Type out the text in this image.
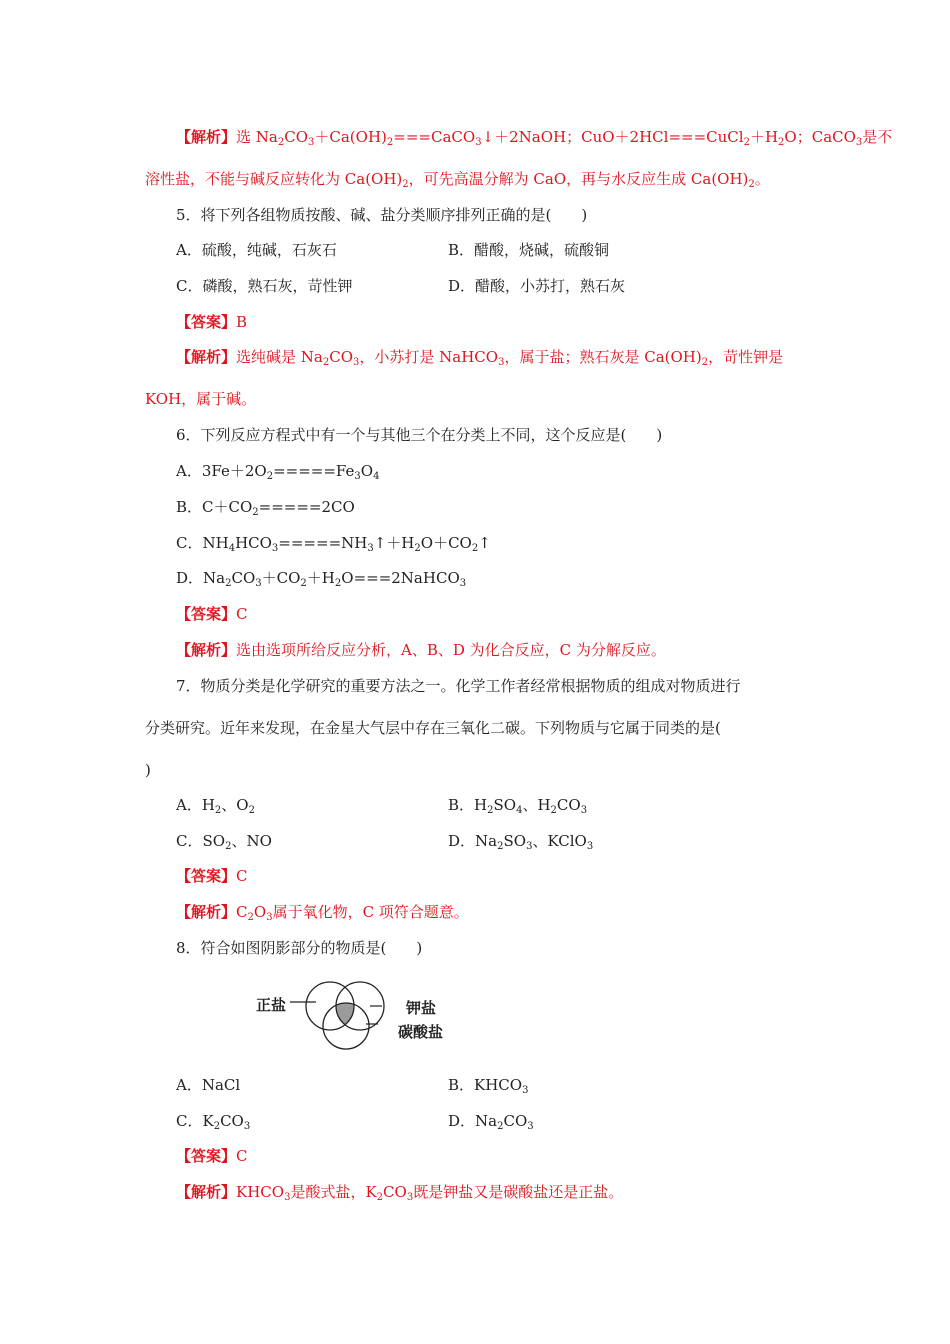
【解析】选 $Na_2CO_3+Ca(OH)_2===CaCO_3↓+2NaOH$；$CuO+2HCl===CuCl_2+H_2O$；CaCO$_3$是不
溶性盐，不能与碱反应转化为 $Ca(OH)_2$，可先高温分解为 CaO，再与水反应生成 $Ca(OH)_2$。
5．将下列各组物质按酸、碱、盐分类顺序排列正确的是(　　)
A．硫酸，纯碱，石灰石	B．醋酸，烧碱，硫酸铜
C．磷酸，熟石灰，苛性钾	D．醋酸，小苏打，熟石灰
【答案】B
【解析】选纯碱是 $Na_2CO_3$，小苏打是 NaHCO$_3$，属于盐；熟石灰是 $Ca(OH)_2$，苛性钾是
KOH，属于碱。
6．下列反应方程式中有一个与其他三个在分类上不同，这个反应是(　　)
A．$3Fe+2O_2=====Fe_3O_4$
B．$C+CO_2=====2CO$
C．$NH_4HCO_3=====NH_3↑+H_2O+CO_2↑$
D．$Na_2CO_3+CO_2+H_2O===2NaHCO_3$
【答案】C
【解析】选由选项所给反应分析，A、B、D 为化合反应，C 为分解反应。
7．物质分类是化学研究的重要方法之一。化学工作者经常根据物质的组成对物质进行
分类研究。近年来发现，在金星大气层中存在三氧化二碳。下列物质与它属于同类的是(
)
A．$H_2$、$O_2$	B．$H_2SO_4$、$H_2CO_3$
C．$SO_2$、NO	D．$Na_2SO_3$、KClO$_3$
【答案】C
【解析】$C_2O_3$属于氧化物，C 项符合题意。
8．符合如图阴影部分的物质是(　　)
正盐	钾盐
碳酸盐
A．NaCl	B．$KHCO_3$
C．$K_2CO_3$	D．$Na_2CO_3$
【答案】C
【解析】$KHCO_3$是酸式盐，$K_2CO_3$既是钾盐又是碳酸盐还是正盐。
